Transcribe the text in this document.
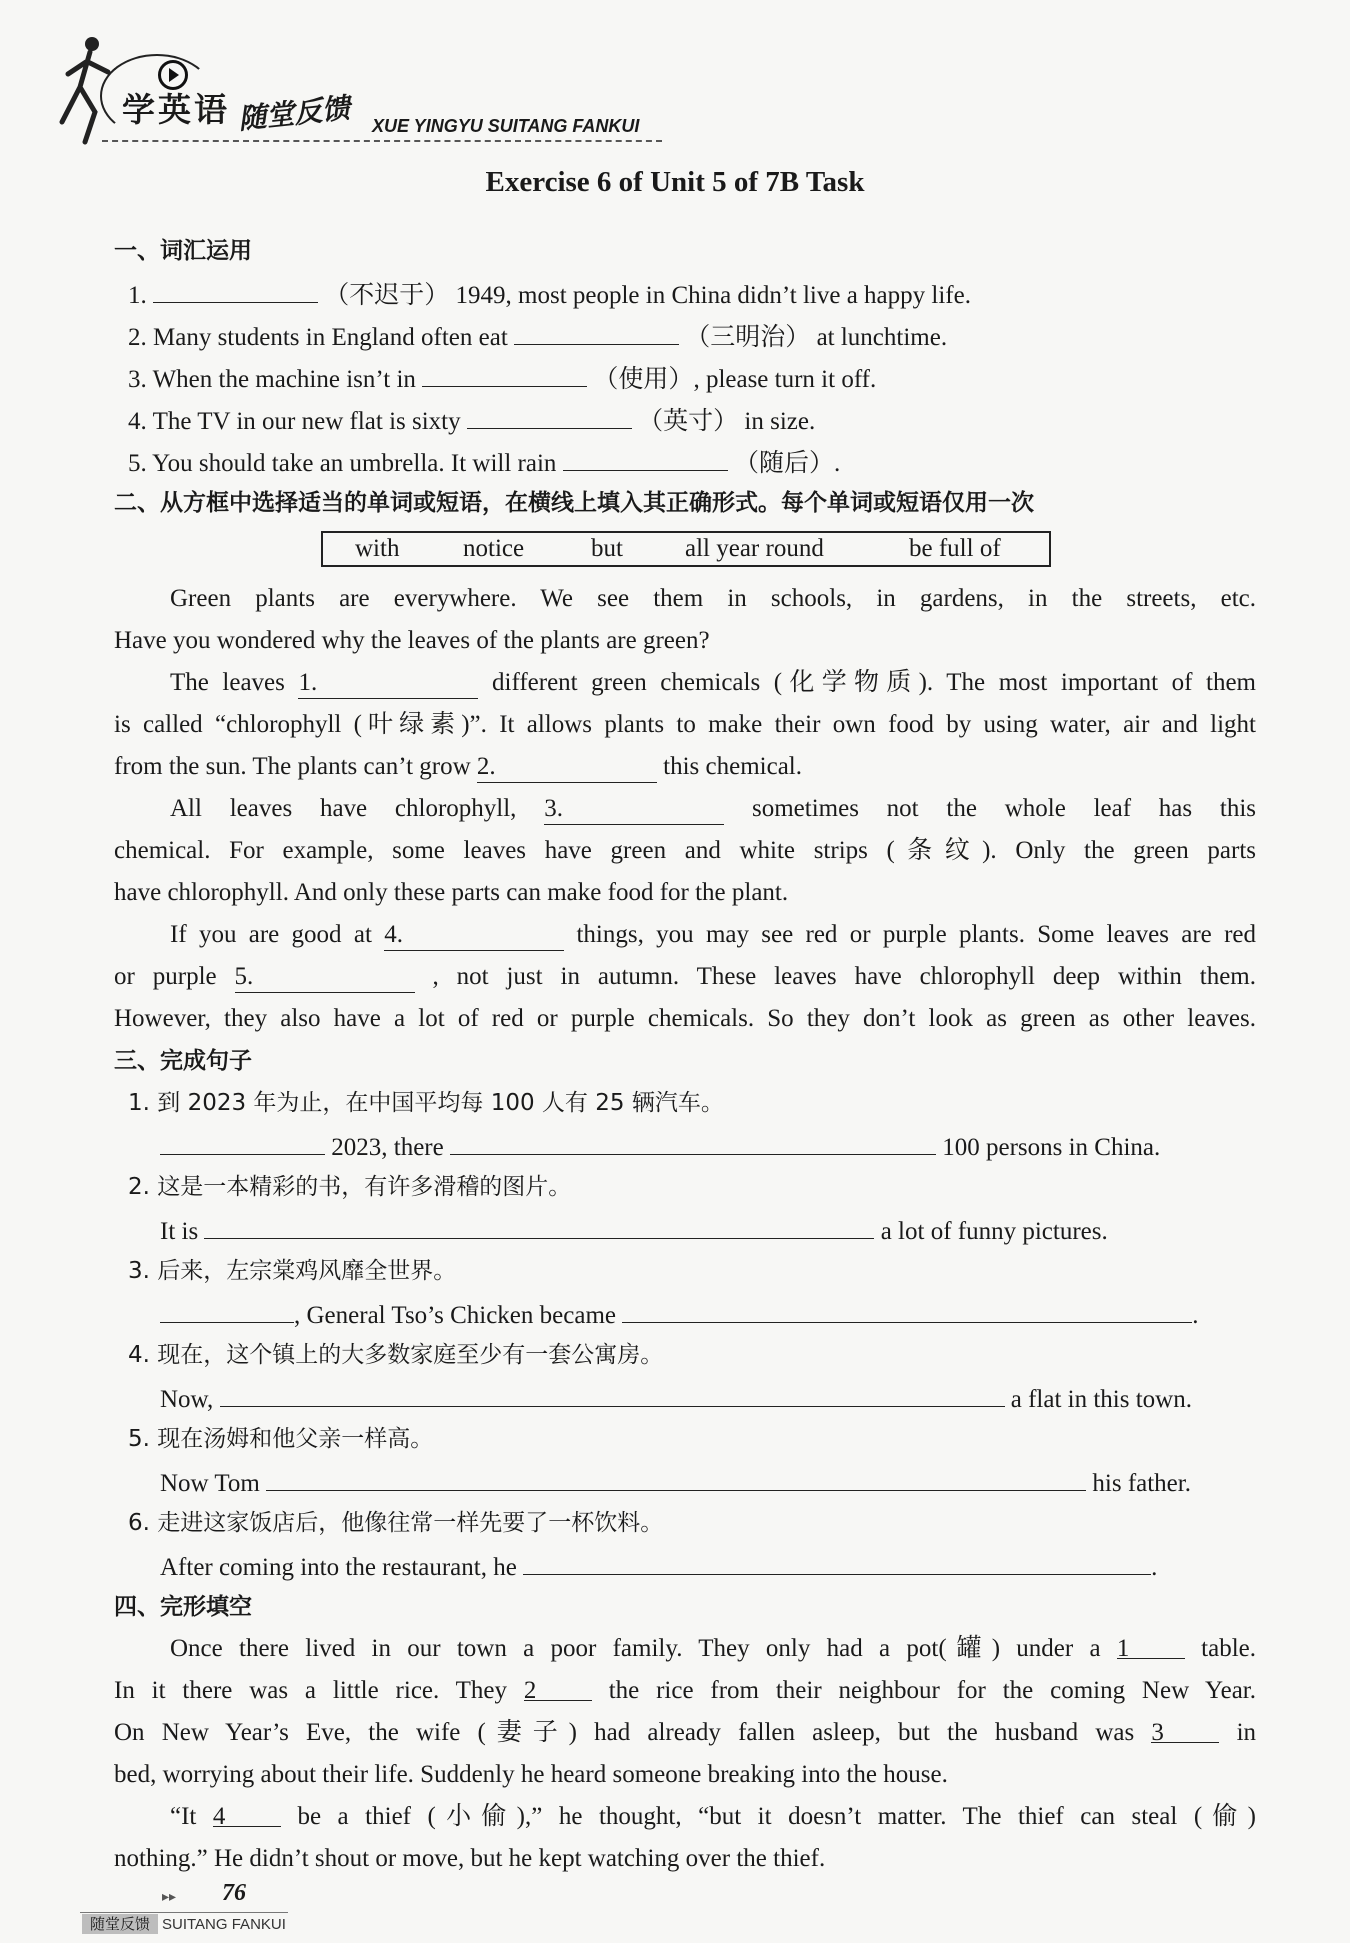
学英语 随堂反馈 XUE YINGYU SUITANG FANKUI
Exercise 6 of Unit 5 of 7B Task
一、词汇运用
1.	（不迟于） 1949, most people in China didn’t live a happy life.
2. Many students in England often eat	（三明治） at lunchtime.
3. When the machine isn’t in	（使用）, please turn it off.
4. The TV in our new flat is sixty	（英寸） in size.
5. You should take an umbrella. It will rain	（随后）.
二、从方框中选择适当的单词或短语，在横线上填入其正确形式。每个单词或短语仅用一次
with	notice	but all year round	be full of
Green plants are everywhere. We see them in schools, in gardens, in the streets, etc.
Have you wondered why the leaves of the plants are green?
The leaves 1.	different green chemicals (化学物质). The most important of them
is called “chlorophyll (叶绿素)”. It allows plants to make their own food by using water, air and light
from the sun. The plants can’t grow 2.	this chemical.
All leaves have chlorophyll, 3.	sometimes not the whole leaf has this
chemical. For example, some leaves have green and white strips (条纹). Only the green parts
have chlorophyll. And only these parts can make food for the plant.
If you are good at 4.	things, you may see red or purple plants. Some leaves are red
or purple 5.	, not just in autumn. These leaves have chlorophyll deep within them.
However, they also have a lot of red or purple chemicals. So they don’t look as green as other leaves.
三、完成句子
1. 到 2023 年为止，在中国平均每 100 人有 25 辆汽车。
2023, there	100 persons in China.
2. 这是一本精彩的书，有许多滑稽的图片。
It is	a lot of funny pictures.
3. 后来，左宗棠鸡风靡全世界。
, General Tso’s Chicken became	.
4. 现在，这个镇上的大多数家庭至少有一套公寓房。
Now,	a flat in this town.
5. 现在汤姆和他父亲一样高。
Now Tom	his father.
6. 走进这家饭店后，他像往常一样先要了一杯饮料。
After coming into the restaurant, he	.
四、完形填空
Once there lived in our town a poor family. They only had a pot(罐) under a 1	table.
In it there was a little rice. They 2	the rice from their neighbour for the coming New Year.
On New Year’s Eve, the wife (妻子) had already fallen asleep, but the husband was 3	in
bed, worrying about their life. Suddenly he heard someone breaking into the house.
“It 4	be a thief (小偷),” he thought, “but it doesn’t matter. The thief can steal (偷)
nothing.” He didn’t shout or move, but he kept watching over the thief.
▸▸ 76
随堂反馈 SUITANG FANKUI
